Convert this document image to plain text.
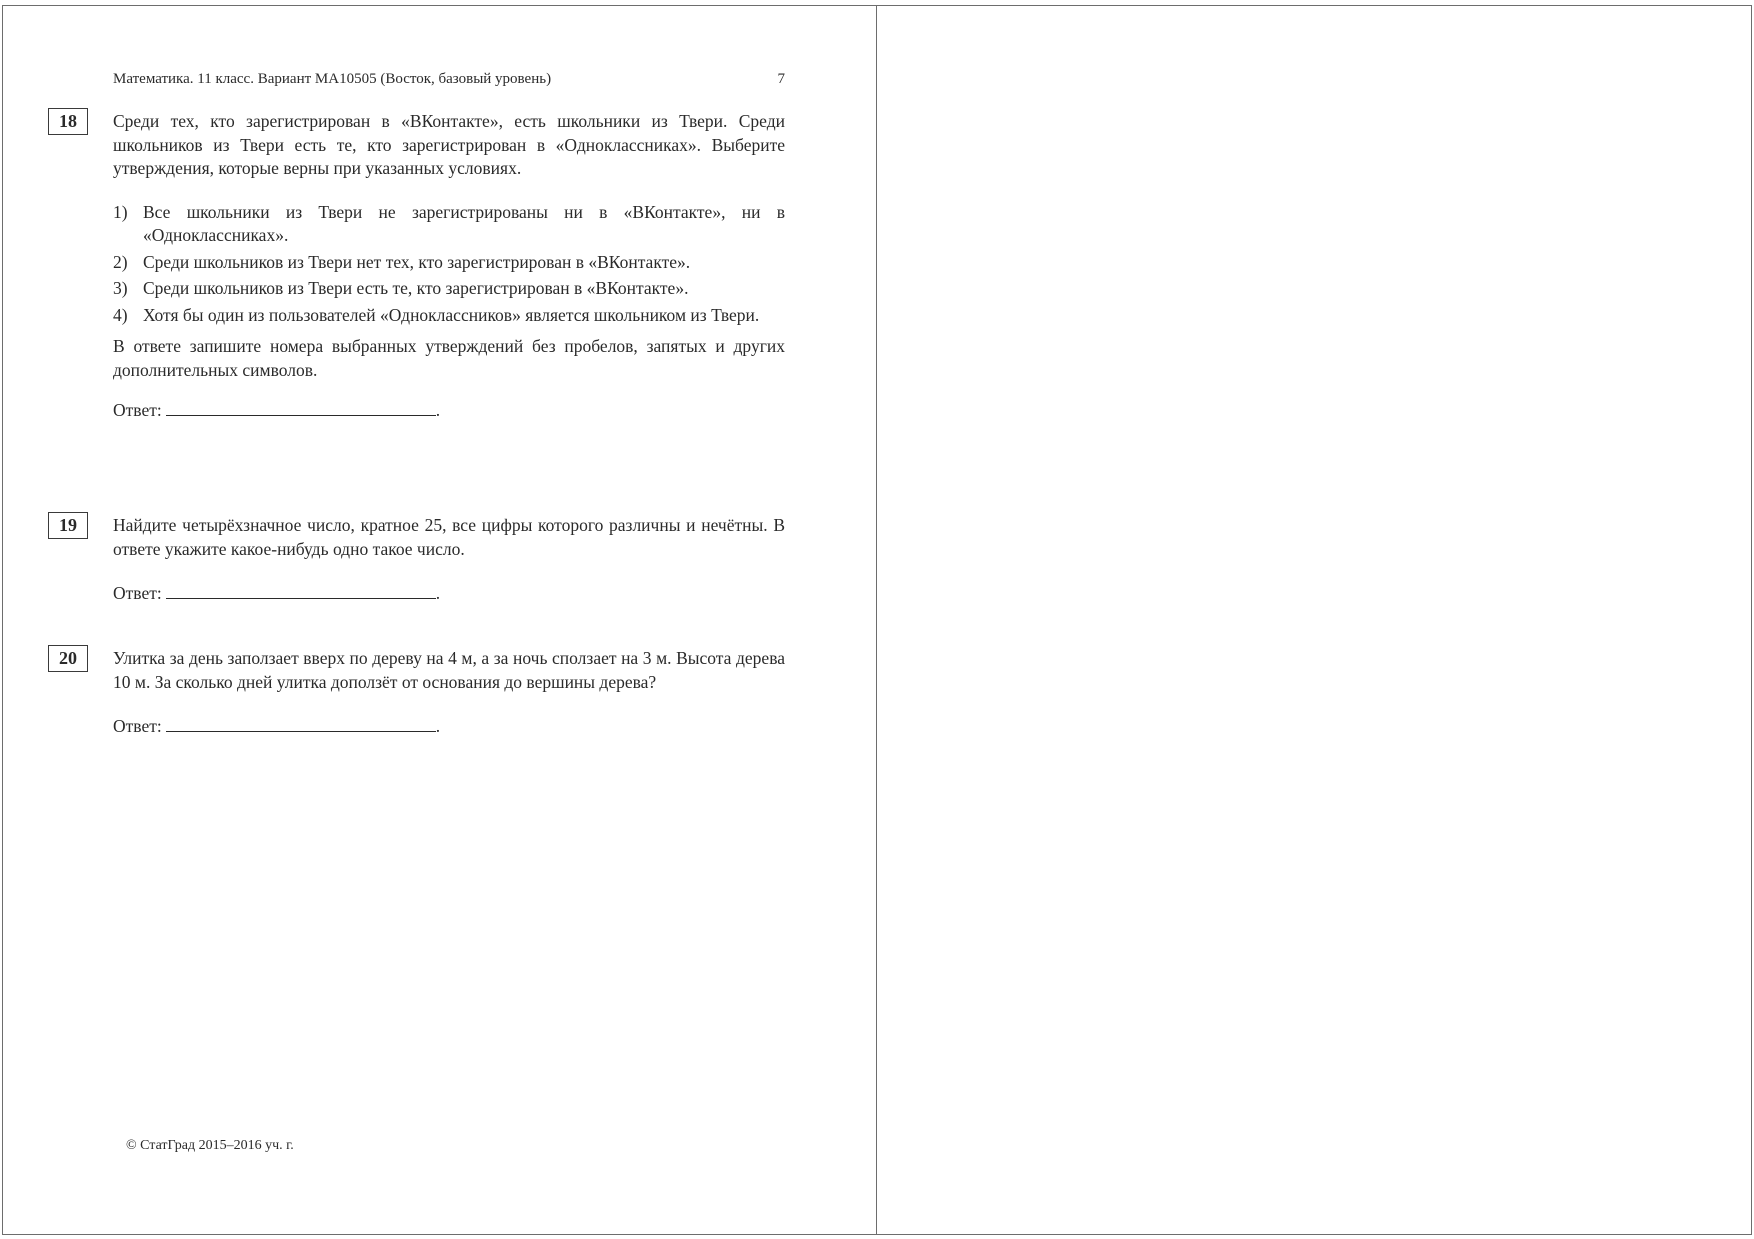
Математика. 11 класс. Вариант МА10505 (Восток, базовый уровень)	7
18	Среди тех, кто зарегистрирован в «ВКонтакте», есть школьники из Твери. Среди школьников из Твери есть те, кто зарегистрирован в «Одноклассниках». Выберите утверждения, которые верны при указанных условиях.

1) Все школьники из Твери не зарегистрированы ни в «ВКонтакте», ни в «Одноклассниках».
2) Среди школьников из Твери нет тех, кто зарегистрирован в «ВКонтакте».
3) Среди школьников из Твери есть те, кто зарегистрирован в «ВКонтакте».
4) Хотя бы один из пользователей «Одноклассников» является школьником из Твери.

В ответе запишите номера выбранных утверждений без пробелов, запятых и других дополнительных символов.

Ответ:	.
19	Найдите четырёхзначное число, кратное 25, все цифры которого различны и нечётны. В ответе укажите какое-нибудь одно такое число.

Ответ:	.
20	Улитка за день заползает вверх по дереву на 4 м, а за ночь сползает на 3 м. Высота дерева 10 м. За сколько дней улитка доползёт от основания до вершины дерева?

Ответ:	.
© СтатГрад 2015–2016 уч. г.
